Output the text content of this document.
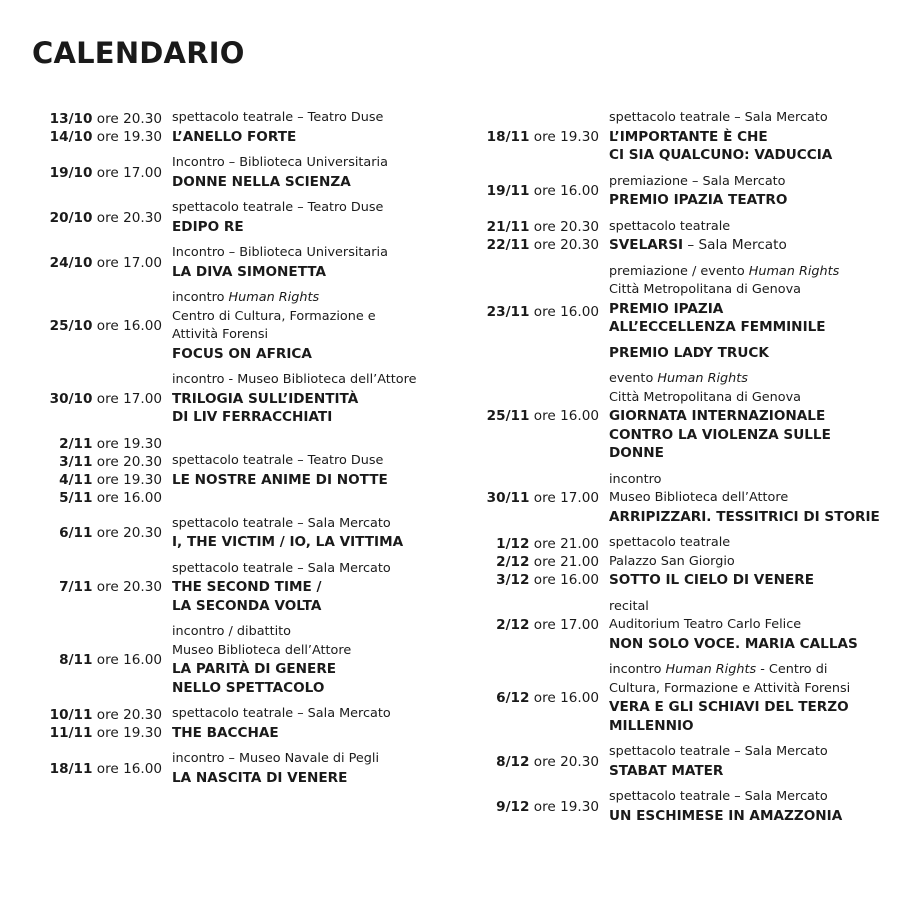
CALENDARIO
13/10 ore 20.30
14/10 ore 19.30
spettacolo teatrale – Teatro Duse
L’ANELLO FORTE
19/10 ore 17.00
Incontro – Biblioteca Universitaria
DONNE NELLA SCIENZA
20/10 ore 20.30
spettacolo teatrale – Teatro Duse
EDIPO RE
24/10 ore 17.00
Incontro – Biblioteca Universitaria
LA DIVA SIMONETTA
25/10 ore 16.00
incontro Human Rights
Centro di Cultura, Formazione e
Attività Forensi
FOCUS ON AFRICA
30/10 ore 17.00
incontro - Museo Biblioteca dell’Attore
TRILOGIA SULL’IDENTITÀ
DI LIV FERRACCHIATI
2/11 ore 19.30
3/11 ore 20.30
4/11 ore 19.30
5/11 ore 16.00
spettacolo teatrale – Teatro Duse
LE NOSTRE ANIME DI NOTTE
6/11 ore 20.30
spettacolo teatrale – Sala Mercato
I, THE VICTIM / IO, LA VITTIMA
7/11 ore 20.30
spettacolo teatrale – Sala Mercato
THE SECOND TIME /
LA SECONDA VOLTA
8/11 ore 16.00
incontro / dibattito
Museo Biblioteca dell’Attore
LA PARITÀ DI GENERE
NELLO SPETTACOLO
10/11 ore 20.30
11/11 ore 19.30
spettacolo teatrale – Sala Mercato
THE BACCHAE
18/11 ore 16.00
incontro – Museo Navale di Pegli
LA NASCITA DI VENERE
18/11 ore 19.30
spettacolo teatrale – Sala Mercato
L’IMPORTANTE È CHE
CI SIA QUALCUNO: VADUCCIA
19/11 ore 16.00
premiazione – Sala Mercato
PREMIO IPAZIA TEATRO
21/11 ore 20.30
22/11 ore 20.30
spettacolo teatrale
SVELARSI – Sala Mercato
23/11 ore 16.00
premiazione / evento Human Rights
Città Metropolitana di Genova
PREMIO IPAZIA
ALL’ECCELLENZA FEMMINILE
PREMIO LADY TRUCK
25/11 ore 16.00
evento Human Rights
Città Metropolitana di Genova
GIORNATA INTERNAZIONALE
CONTRO LA VIOLENZA SULLE
DONNE
30/11 ore 17.00
incontro
Museo Biblioteca dell’Attore
ARRIPIZZARI. TESSITRICI DI STORIE
1/12 ore 21.00
2/12 ore 21.00
3/12 ore 16.00
spettacolo teatrale
Palazzo San Giorgio
SOTTO IL CIELO DI VENERE
2/12 ore 17.00
recital
Auditorium Teatro Carlo Felice
NON SOLO VOCE. MARIA CALLAS
6/12 ore 16.00
incontro Human Rights - Centro di
Cultura, Formazione e Attività Forensi
VERA E GLI SCHIAVI DEL TERZO
MILLENNIO
8/12 ore 20.30
spettacolo teatrale – Sala Mercato
STABAT MATER
9/12 ore 19.30
spettacolo teatrale – Sala Mercato
UN ESCHIMESE IN AMAZZONIA
